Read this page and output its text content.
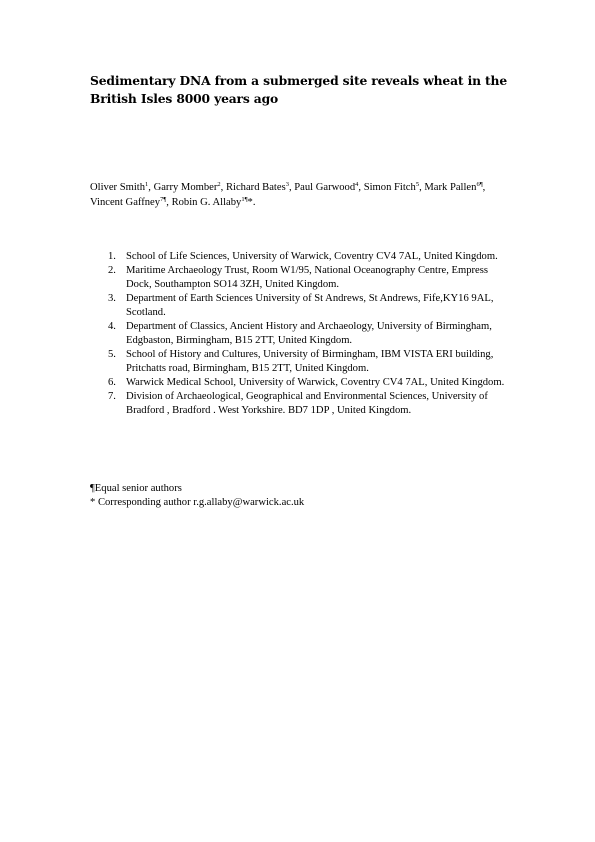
Sedimentary DNA from a submerged site reveals wheat in the
British Isles 8000 years ago
Oliver Smith$^1$, Garry Momber$^2$, Richard Bates$^3$, Paul Garwood$^4$, Simon Fitch$^5$, Mark Pallen$^{6\P}$, Vincent Gaffney$^{7\P}$, Robin G. Allaby$^{1\P}$*.
1. School of Life Sciences, University of Warwick, Coventry CV4 7AL, United Kingdom.
2. Maritime Archaeology Trust, Room W1/95, National Oceanography Centre, Empress Dock, Southampton SO14 3ZH, United Kingdom.
3. Department of Earth Sciences University of St Andrews, St Andrews, Fife,KY16 9AL, Scotland.
4. Department of Classics, Ancient History and Archaeology, University of Birmingham, Edgbaston, Birmingham, B15 2TT, United Kingdom.
5. School of History and Cultures, University of Birmingham, IBM VISTA ERI building, Pritchatts road, Birmingham, B15 2TT, United Kingdom.
6. Warwick Medical School, University of Warwick, Coventry CV4 7AL, United Kingdom.
7. Division of Archaeological, Geographical and Environmental Sciences, University of Bradford , Bradford . West Yorkshire. BD7 1DP , United Kingdom.
¶Equal senior authors
* Corresponding author r.g.allaby@warwick.ac.uk
